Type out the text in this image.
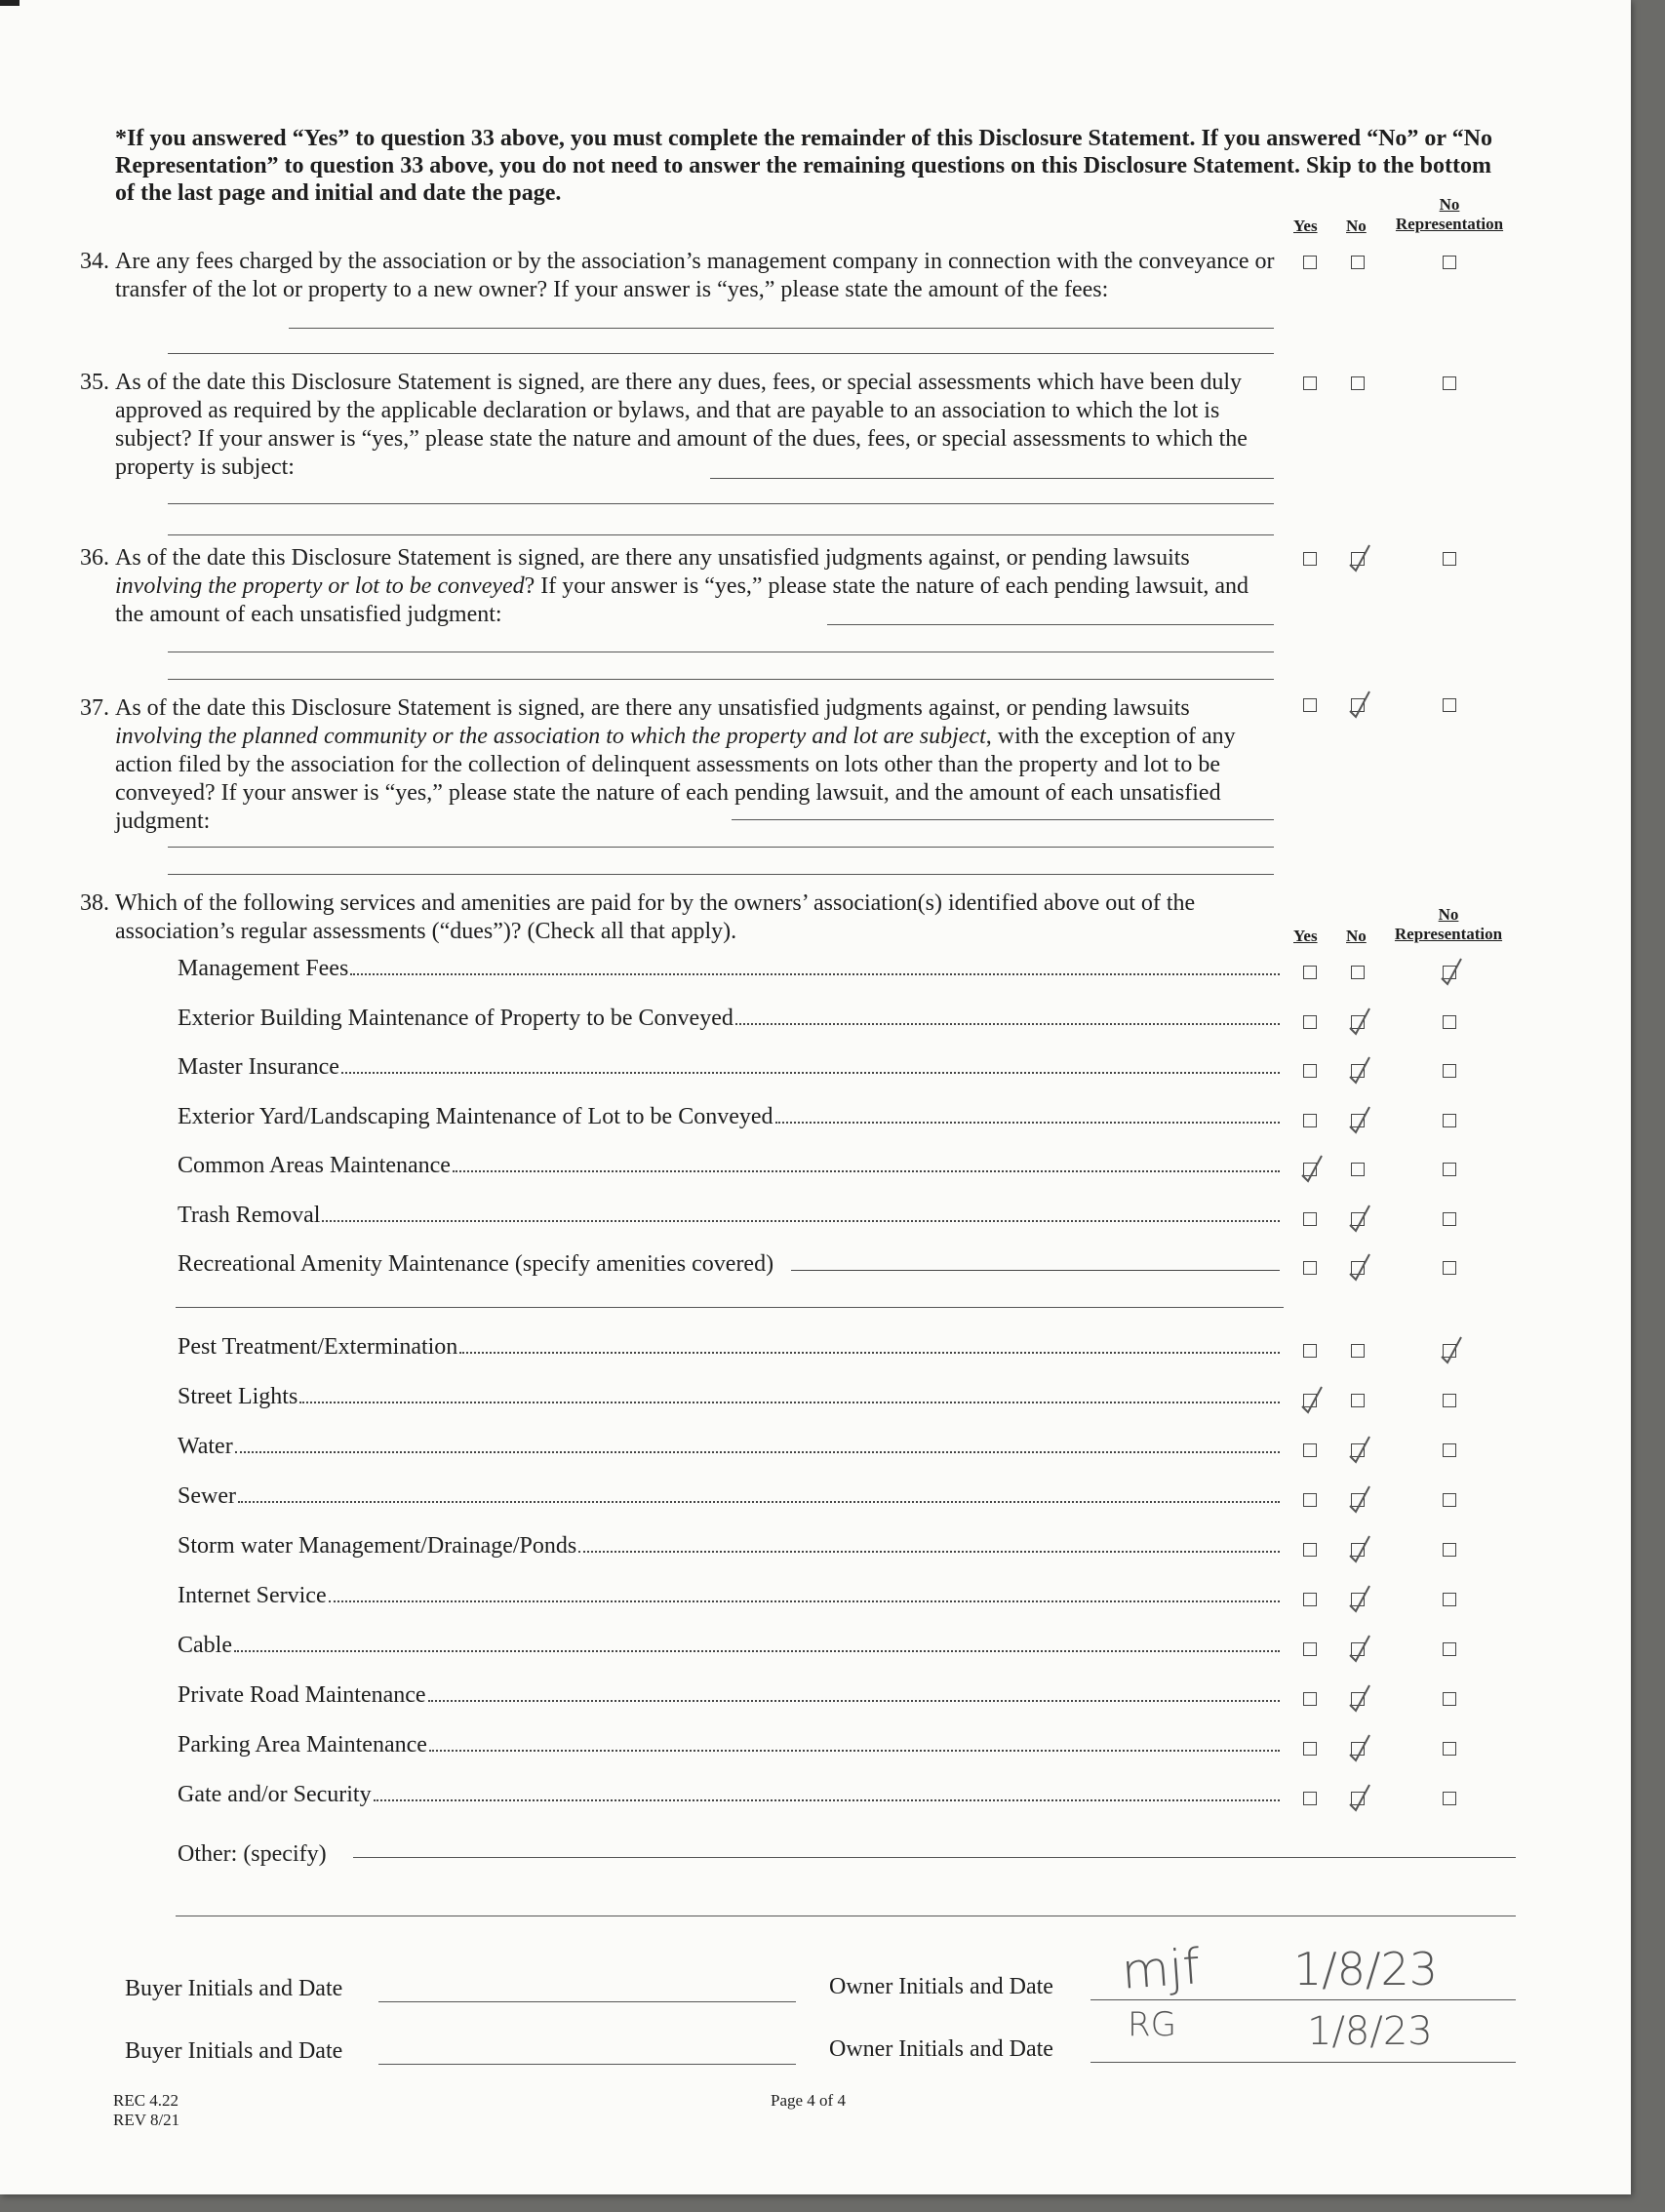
*If you answered “Yes” to question 33 above, you must complete the remainder of this Disclosure Statement. If you answered “No” or “No Representation” to question 33 above, you do not need to answer the remaining questions on this Disclosure Statement. Skip to the bottom of the last page and initial and date the page.
Yes No
No
Representation
34. Are any fees charged by the association or by the association’s management company in connection with the conveyance or transfer of the lot or property to a new owner? If your answer is “yes,” please state the amount of the fees:
35. As of the date this Disclosure Statement is signed, are there any dues, fees, or special assessments which have been duly approved as required by the applicable declaration or bylaws, and that are payable to an association to which the lot is subject? If your answer is “yes,” please state the nature and amount of the dues, fees, or special assessments to which the property is subject:
36. As of the date this Disclosure Statement is signed, are there any unsatisfied judgments against, or pending lawsuits involving the property or lot to be conveyed? If your answer is “yes,” please state the nature of each pending lawsuit, and the amount of each unsatisfied judgment:
37. As of the date this Disclosure Statement is signed, are there any unsatisfied judgments against, or pending lawsuits involving the planned community or the association to which the property and lot are subject, with the exception of any action filed by the association for the collection of delinquent assessments on lots other than the property and lot to be conveyed? If your answer is “yes,” please state the nature of each pending lawsuit, and the amount of each unsatisfied judgment:
38. Which of the following services and amenities are paid for by the owners’ association(s) identified above out of the association’s regular assessments (“dues”)? (Check all that apply).	Yes No
No
Representation
Management Fees
Exterior Building Maintenance of Property to be Conveyed
Master Insurance
Exterior Yard/Landscaping Maintenance of Lot to be Conveyed
Common Areas Maintenance
Trash Removal
Recreational Amenity Maintenance (specify amenities covered)
Pest Treatment/Extermination
Street Lights
Water
Sewer
Storm water Management/Drainage/Ponds
Internet Service
Cable
Private Road Maintenance
Parking Area Maintenance
Gate and/or Security
Other: (specify)
Buyer Initials and Date
Buyer Initials and Date
Owner Initials and Date mjf 1/8/23
Owner Initials and Date
RG	1/8/23
REC 4.22
REV 8/21
Page 4 of 4
